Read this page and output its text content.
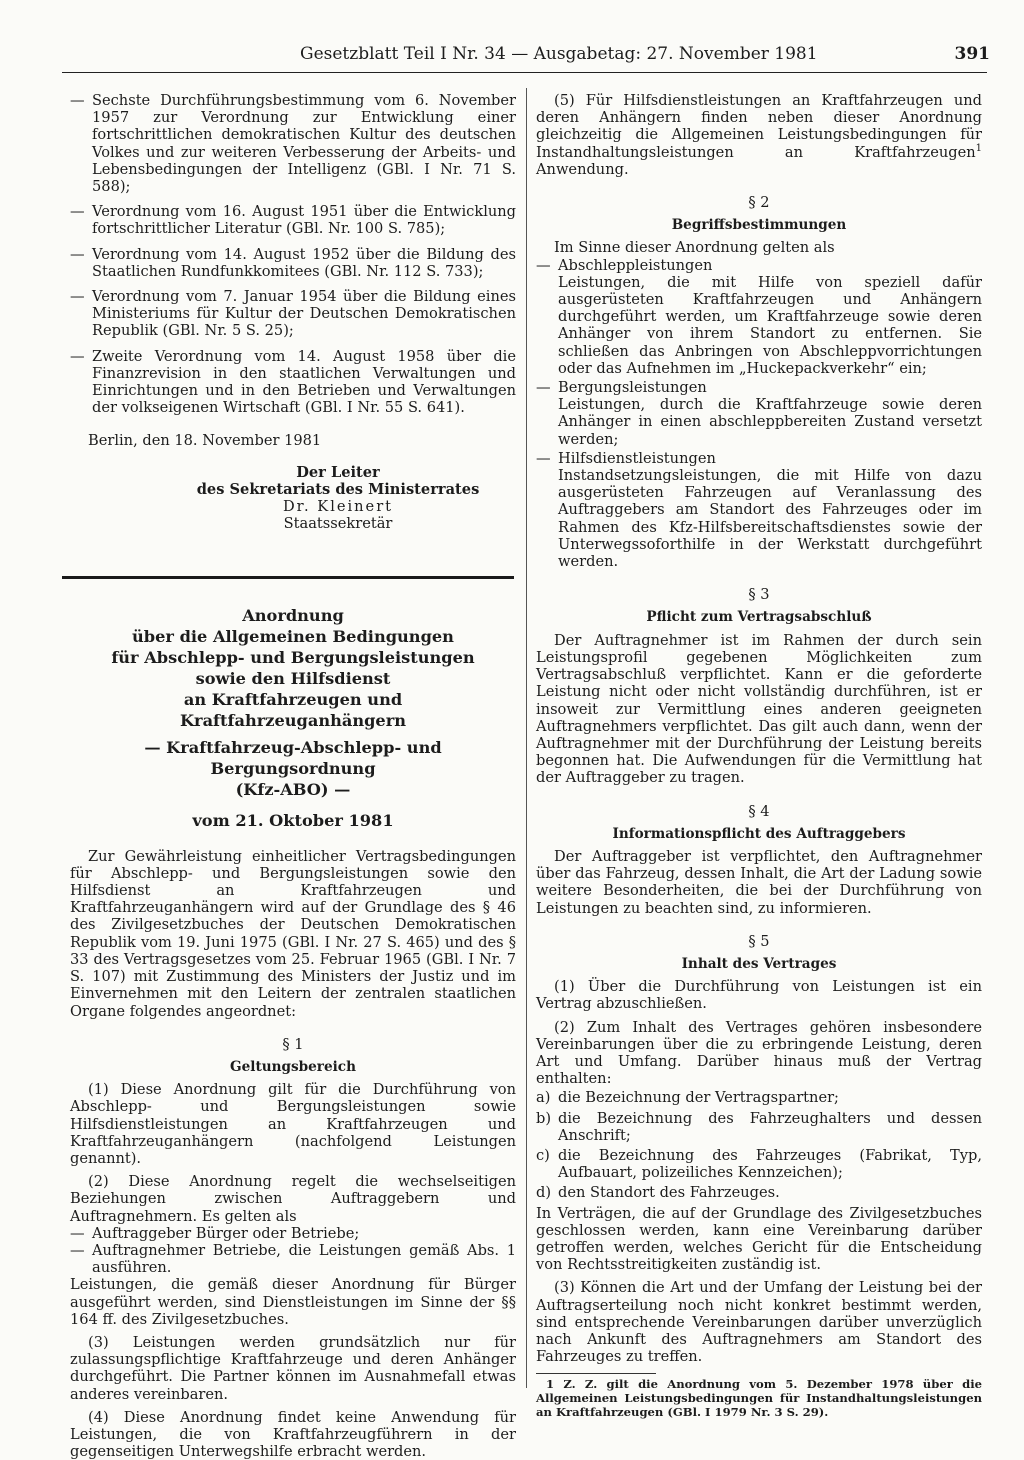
Gesetzblatt Teil I Nr. 34 — Ausgabetag: 27. November 1981	391
— Sechste Durchführungsbestimmung vom 6. November 1957 zur Verordnung zur Entwicklung einer fortschrittlichen demokratischen Kultur des deutschen Volkes und zur weiteren Verbesserung der Arbeits- und Lebensbedingungen der Intelligenz (GBl. I Nr. 71 S. 588);
— Verordnung vom 16. August 1951 über die Entwicklung fortschrittlicher Literatur (GBl. Nr. 100 S. 785);
— Verordnung vom 14. August 1952 über die Bildung des Staatlichen Rundfunkkomitees (GBl. Nr. 112 S. 733);
— Verordnung vom 7. Januar 1954 über die Bildung eines Ministeriums für Kultur der Deutschen Demokratischen Republik (GBl. Nr. 5 S. 25);
— Zweite Verordnung vom 14. August 1958 über die Finanzrevision in den staatlichen Verwaltungen und Einrichtungen und in den Betrieben und Verwaltungen der volkseigenen Wirtschaft (GBl. I Nr. 55 S. 641).
Berlin, den 18. November 1981
Der Leiter
des Sekretariats des Ministerrates
Dr. Kleinert
Staatssekretär
Anordnung
über die Allgemeinen Bedingungen
für Abschlepp- und Bergungsleistungen
sowie den Hilfsdienst
an Kraftfahrzeugen und Kraftfahrzeuganhängern
— Kraftfahrzeug-Abschlepp- und Bergungsordnung
(Kfz-ABO) —
vom 21. Oktober 1981
Zur Gewährleistung einheitlicher Vertragsbedingungen für Abschlepp- und Bergungsleistungen sowie den Hilfsdienst an Kraftfahrzeugen und Kraftfahrzeuganhängern wird auf der Grundlage des § 46 des Zivilgesetzbuches der Deutschen Demokratischen Republik vom 19. Juni 1975 (GBl. I Nr. 27 S. 465) und des § 33 des Vertragsgesetzes vom 25. Februar 1965 (GBl. I Nr. 7 S. 107) mit Zustimmung des Ministers der Justiz und im Einvernehmen mit den Leitern der zentralen staatlichen Organe folgendes angeordnet:
§ 1
Geltungsbereich
(1) Diese Anordnung gilt für die Durchführung von Abschlepp- und Bergungsleistungen sowie Hilfsdienstleistungen an Kraftfahrzeugen und Kraftfahrzeuganhängern (nachfolgend Leistungen genannt).
(2) Diese Anordnung regelt die wechselseitigen Beziehungen zwischen Auftraggebern und Auftragnehmern. Es gelten als
— Auftraggeber Bürger oder Betriebe;
— Auftragnehmer Betriebe, die Leistungen gemäß Abs. 1 ausführen.
Leistungen, die gemäß dieser Anordnung für Bürger ausgeführt werden, sind Dienstleistungen im Sinne der §§ 164 ff. des Zivilgesetzbuches.
(3) Leistungen werden grundsätzlich nur für zulassungspflichtige Kraftfahrzeuge und deren Anhänger durchgeführt. Die Partner können im Ausnahmefall etwas anderes vereinbaren.
(4) Diese Anordnung findet keine Anwendung für Leistungen, die von Kraftfahrzeugführern in der gegenseitigen Unterwegshilfe erbracht werden.
(5) Für Hilfsdienstleistungen an Kraftfahrzeugen und deren Anhängern finden neben dieser Anordnung gleichzeitig die Allgemeinen Leistungsbedingungen für Instandhaltungsleistungen an Kraftfahrzeugen$^1$ Anwendung.
§ 2
Begriffsbestimmungen
Im Sinne dieser Anordnung gelten als
— Abschleppleistungen
Leistungen, die mit Hilfe von speziell dafür ausgerüsteten Kraftfahrzeugen und Anhängern durchgeführt werden, um Kraftfahrzeuge sowie deren Anhänger von ihrem Standort zu entfernen. Sie schließen das Anbringen von Abschleppvorrichtungen oder das Aufnehmen im „Huckepackverkehr“ ein;
— Bergungsleistungen
Leistungen, durch die Kraftfahrzeuge sowie deren Anhänger in einen abschleppbereiten Zustand versetzt werden;
— Hilfsdienstleistungen
Instandsetzungsleistungen, die mit Hilfe von dazu ausgerüsteten Fahrzeugen auf Veranlassung des Auftraggebers am Standort des Fahrzeuges oder im Rahmen des Kfz-Hilfsbereitschaftsdienstes sowie der Unterwegssoforthilfe in der Werkstatt durchgeführt werden.
§ 3
Pflicht zum Vertragsabschluß
Der Auftragnehmer ist im Rahmen der durch sein Leistungsprofil gegebenen Möglichkeiten zum Vertragsabschluß verpflichtet. Kann er die geforderte Leistung nicht oder nicht vollständig durchführen, ist er insoweit zur Vermittlung eines anderen geeigneten Auftragnehmers verpflichtet. Das gilt auch dann, wenn der Auftragnehmer mit der Durchführung der Leistung bereits begonnen hat. Die Aufwendungen für die Vermittlung hat der Auftraggeber zu tragen.
§ 4
Informationspflicht des Auftraggebers
Der Auftraggeber ist verpflichtet, den Auftragnehmer über das Fahrzeug, dessen Inhalt, die Art der Ladung sowie weitere Besonderheiten, die bei der Durchführung von Leistungen zu beachten sind, zu informieren.
§ 5
Inhalt des Vertrages
(1) Über die Durchführung von Leistungen ist ein Vertrag abzuschließen.
(2) Zum Inhalt des Vertrages gehören insbesondere Vereinbarungen über die zu erbringende Leistung, deren Art und Umfang. Darüber hinaus muß der Vertrag enthalten:
a) die Bezeichnung der Vertragspartner;
b) die Bezeichnung des Fahrzeughalters und dessen Anschrift;
c) die Bezeichnung des Fahrzeuges (Fabrikat, Typ, Aufbauart, polizeiliches Kennzeichen);
d) den Standort des Fahrzeuges.
In Verträgen, die auf der Grundlage des Zivilgesetzbuches geschlossen werden, kann eine Vereinbarung darüber getroffen werden, welches Gericht für die Entscheidung von Rechtsstreitigkeiten zuständig ist.
(3) Können die Art und der Umfang der Leistung bei der Auftragserteilung noch nicht konkret bestimmt werden, sind entsprechende Vereinbarungen darüber unverzüglich nach Ankunft des Auftragnehmers am Standort des Fahrzeuges zu treffen.
1 Z. Z. gilt die Anordnung vom 5. Dezember 1978 über die Allgemeinen Leistungsbedingungen für Instandhaltungsleistungen an Kraftfahrzeugen (GBl. I 1979 Nr. 3 S. 29).
